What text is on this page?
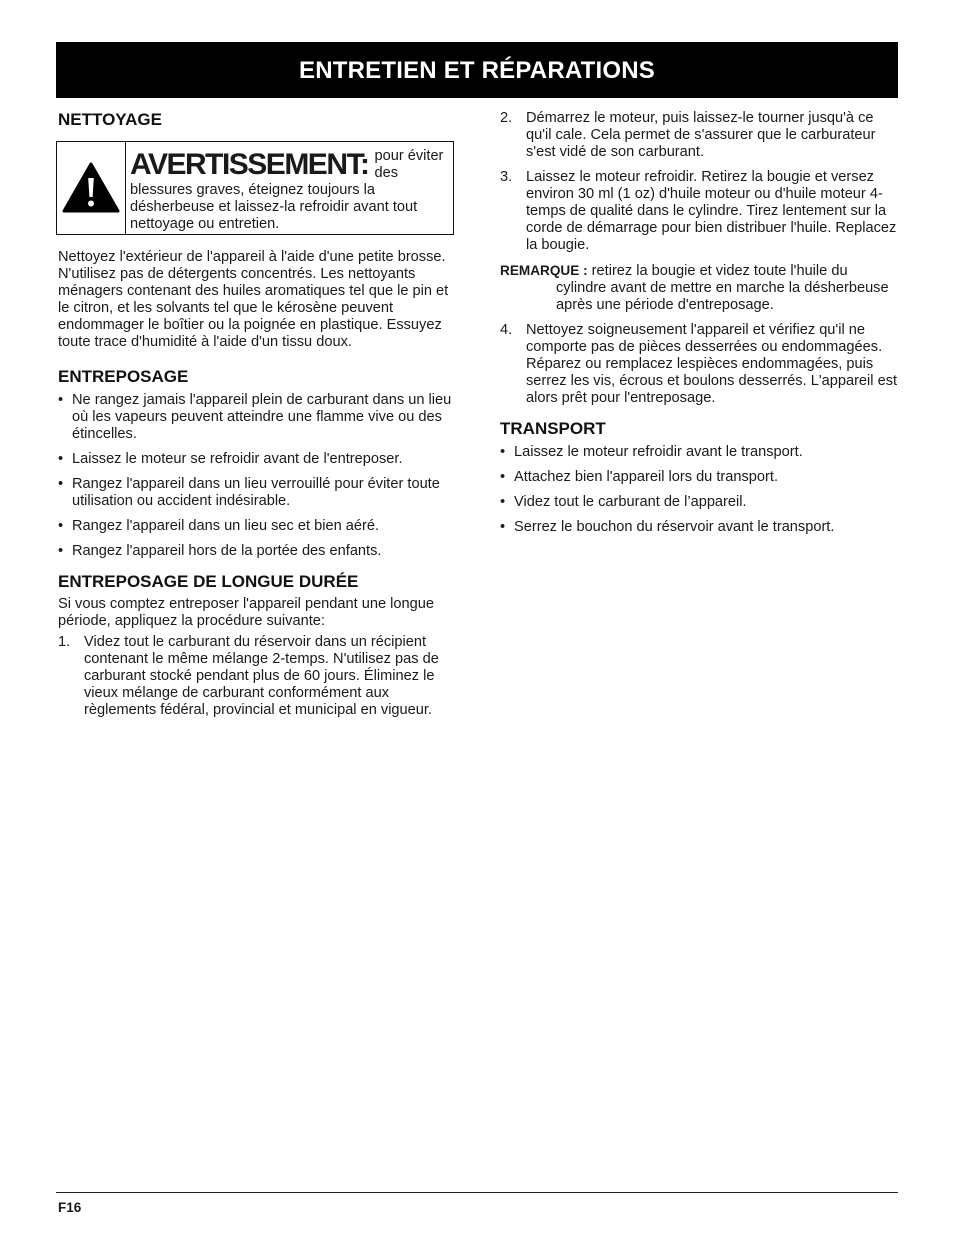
ENTRETIEN ET RÉPARATIONS
NETTOYAGE
AVERTISSEMENT: pour éviter des blessures graves, éteignez toujours la désherbeuse et laissez-la refroidir avant tout nettoyage ou entretien.

Nettoyez l'extérieur de l'appareil à l'aide d'une petite brosse. N'utilisez pas de détergents concentrés. Les nettoyants ménagers contenant des huiles aromatiques tel que le pin et le citron, et les solvants tel que le kérosène peuvent endommager le boîtier ou la poignée en plastique. Essuyez toute trace d'humidité à l'aide d'un tissu doux.

ENTREPOSAGE
• Ne rangez jamais l'appareil plein de carburant dans un lieu où les vapeurs peuvent atteindre une flamme vive ou des étincelles.
• Laissez le moteur se refroidir avant de l'entreposer.
• Rangez l'appareil dans un lieu verrouillé pour éviter toute utilisation ou accident indésirable.
• Rangez l'appareil dans un lieu sec et bien aéré.
• Rangez l'appareil hors de la portée des enfants.
ENTREPOSAGE DE LONGUE DURÉE

Si vous comptez entreposer l'appareil pendant une longue période, appliquez la procédure suivante:

1. Videz tout le carburant du réservoir dans un récipient contenant le même mélange 2-temps. N'utilisez pas de carburant stocké pendant plus de 60 jours. Éliminez le vieux mélange de carburant conformément aux règlements fédéral, provincial et municipal en vigueur.
2. Démarrez le moteur, puis laissez-le tourner jusqu'à ce qu'il cale. Cela permet de s'assurer que le carburateur s'est vidé de son carburant.
3. Laissez le moteur refroidir. Retirez la bougie et versez environ 30 ml (1 oz) d'huile moteur ou d'huile moteur 4-temps de qualité dans le cylindre. Tirez lentement sur la corde de démarrage pour bien distribuer l'huile. Replacez la bougie.

REMARQUE : retirez la bougie et videz toute l'huile du cylindre avant de mettre en marche la désherbeuse après une période d'entreposage.

4. Nettoyez soigneusement l'appareil et vérifiez qu'il ne comporte pas de pièces desserrées ou endommagées. Réparez ou remplacez lespièces endommagées, puis serrez les vis, écrous et boulons desserrés. L'appareil est alors prêt pour l'entreposage.
TRANSPORT
• Laissez le moteur refroidir avant le transport.
• Attachez bien l'appareil lors du transport.
• Videz tout le carburant de l’appareil.
• Serrez le bouchon du réservoir avant le transport.
F16
